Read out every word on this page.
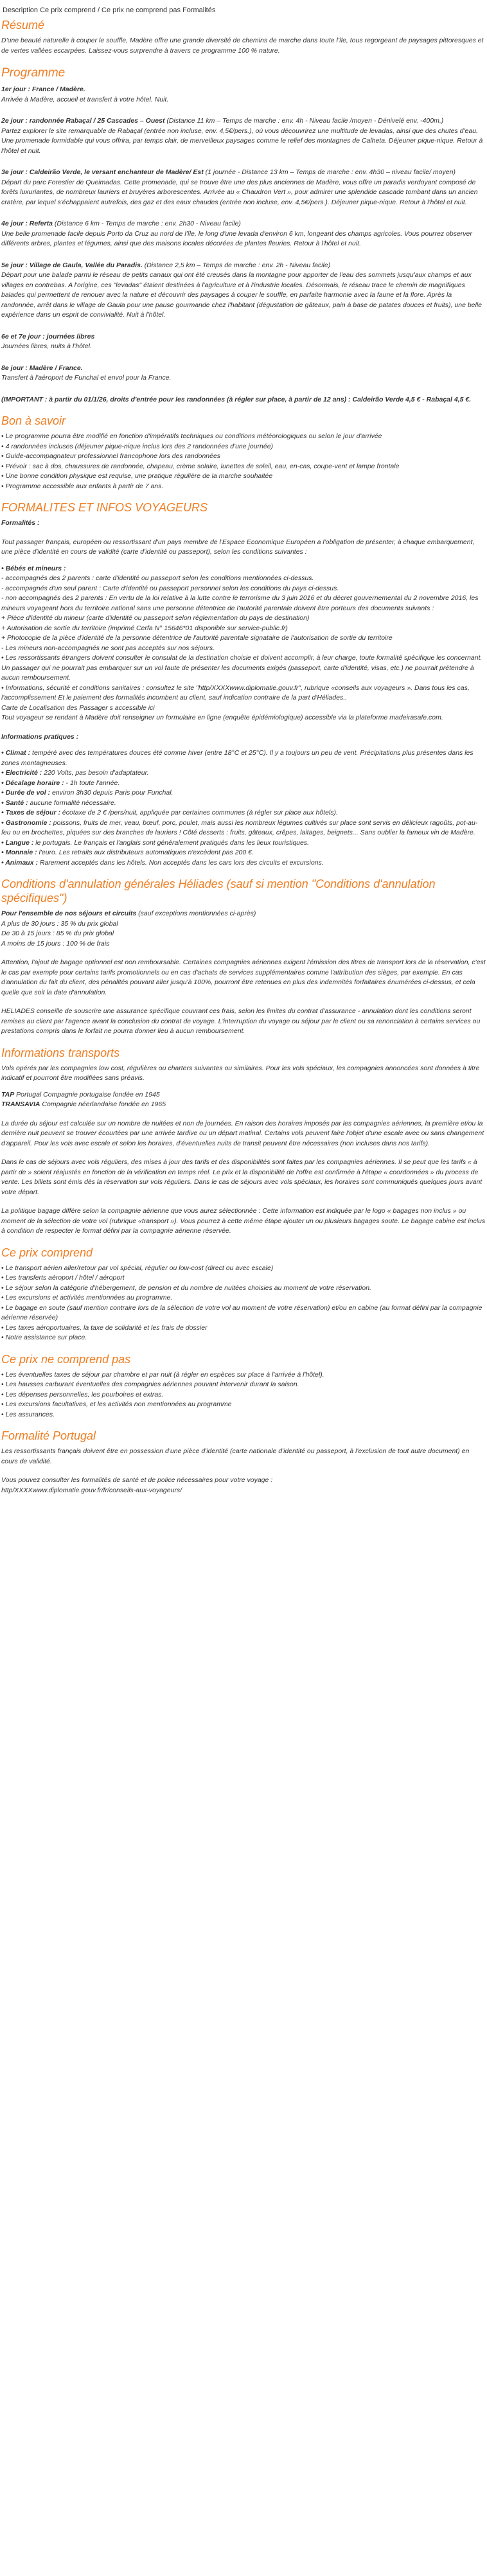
Description Ce prix comprend / Ce prix ne comprend pas Formalités
Résumé

D'une beauté naturelle à couper le souffle, Madère offre une grande diversité de chemins de marche dans toute l'île, tous regorgeant de paysages pittoresques et de vertes vallées escarpées. Laissez-vous surprendre à travers ce programme 100 % nature.

Programme

1er jour : France / Madère.

Arrivée à Madère, accueil et transfert à votre hôtel. Nuit.

2e jour : randonnée Rabaçal / 25 Cascades – Ouest (Distance 11 km – Temps de marche : env. 4h - Niveau facile /moyen - Dénivelé env. -400m.)

Partez explorer le site remarquable de Rabaçal (entrée non incluse, env. 4,5€/pers.), où vous découvrirez une multitude de levadas, ainsi que des chutes d'eau. Une promenade formidable qui vous offrira, par temps clair, de merveilleux paysages comme le relief des montagnes de Calheta. Déjeuner pique-nique. Retour à l'hôtel et nuit.

3e jour : Caldeirão Verde, le versant enchanteur de Madère/ Est (1 journée - Distance 13 km – Temps de marche : env. 4h30 – niveau facile/ moyen)

Départ du parc Forestier de Queimadas. Cette promenade, qui se trouve être une des plus anciennes de Madère, vous offre un paradis verdoyant composé de forêts luxuriantes, de nombreux lauriers et bruyères arborescentes. Arrivée au « Chaudron Vert », pour admirer une splendide cascade tombant dans un ancien cratère, par lequel s'échappaient autrefois, des gaz et des eaux chaudes (entrée non incluse, env. 4,5€/pers.). Déjeuner pique-nique. Retour à l'hôtel et nuit.

4e jour : Referta (Distance 6 km - Temps de marche : env. 2h30 - Niveau facile)

Une belle promenade facile depuis Porto da Cruz au nord de l'île, le long d'une levada d'environ 6 km, longeant des champs agricoles. Vous pourrez observer différents arbres, plantes et légumes, ainsi que des maisons locales décorées de plantes fleuries. Retour à l'hôtel et nuit.

5e jour : Village de Gaula, Vallée du Paradis. (Distance 2,5 km – Temps de marche : env. 2h - Niveau facile)

Départ pour une balade parmi le réseau de petits canaux qui ont été creusés dans la montagne pour apporter de l'eau des sommets jusqu'aux champs et aux villages en contrebas. A l'origine, ces "levadas" étaient destinées à l'agriculture et à l'industrie locales. Désormais, le réseau trace le chemin de magnifiques balades qui permettent de renouer avec la nature et découvrir des paysages à couper le souffle, en parfaite harmonie avec la faune et la flore. Après la randonnée, arrêt dans le village de Gaula pour une pause gourmande chez l'habitant (dégustation de gâteaux, pain à base de patates douces et fruits), une belle expérience dans un esprit de convivialité. Nuit à l'hôtel.

6e et 7e jour : journées libres

Journées libres, nuits à l'hôtel.

8e jour : Madère / France.

Transfert à l'aéroport de Funchal et envol pour la France.

(IMPORTANT : à partir du 01/1/26, droits d'entrée pour les randonnées (à régler sur place, à partir de 12 ans) : Caldeirão Verde 4,5 € - Rabaçal 4,5 €.

Bon à savoir
• Le programme pourra être modifié en fonction d'impératifs techniques ou conditions météorologiques ou selon le jour d'arrivée
• 4 randonnées incluses (déjeuner pique-nique inclus lors des 2 randonnées d'une journée)
• Guide-accompagnateur professionnel francophone lors des randonnées
• Prévoir : sac à dos, chaussures de randonnée, chapeau, crème solaire, lunettes de soleil, eau, en-cas, coupe-vent et lampe frontale
• Une bonne condition physique est requise, une pratique régulière de la marche souhaitée
• Programme accessible aux enfants à partir de 7 ans.
FORMALITES ET INFOS VOYAGEURS

Formalités :

Tout passager français, européen ou ressortissant d'un pays membre de l'Espace Economique Européen a l'obligation de présenter, à chaque embarquement, une pièce d'identité en cours de validité (carte d'identité ou passeport), selon les conditions suivantes :

• Bébés et mineurs :

- accompagnés des 2 parents : carte d'identité ou passeport selon les conditions mentionnées ci-dessus.

- accompagnés d'un seul parent : Carte d'identité ou passeport personnel selon les conditions du pays ci-dessus.

- non accompagnés des 2 parents : En vertu de la loi relative à la lutte contre le terrorisme du 3 juin 2016 et du décret gouvernemental du 2 novembre 2016, les mineurs voyageant hors du territoire national sans une personne détentrice de l'autorité parentale doivent être porteurs des documents suivants :

+ Pièce d'identité du mineur (carte d'identité ou passeport selon réglementation du pays de destination)

+ Autorisation de sortie du territoire (imprimé Cerfa N° 15646*01 disponible sur service-public.fr)

+ Photocopie de la pièce d'identité de la personne détentrice de l'autorité parentale signataire de l'autorisation de sortie du territoire

- Les mineurs non-accompagnés ne sont pas acceptés sur nos séjours.

• Les ressortissants étrangers doivent consulter le consulat de la destination choisie et doivent accomplir, à leur charge, toute formalité spécifique les concernant. Un passager qui ne pourrait pas embarquer sur un vol faute de présenter les documents exigés (passeport, carte d'identité, visas, etc.) ne pourrait prétendre à aucun remboursement.

• Informations, sécurité et conditions sanitaires : consultez le site "http/XXXXwww.diplomatie.gouv.fr", rubrique «conseils aux voyageurs ». Dans tous les cas, l'accomplissement Et le paiement des formalités incombent au client, sauf indication contraire de la part d'Héliades..

Carte de Localisation des Passager s accessible ici

Tout voyageur se rendant à Madère doit renseigner un formulaire en ligne (enquête épidémiologique) accessible via la plateforme madeirasafe.com.

Informations pratiques :

• Climat : tempéré avec des températures douces été comme hiver (entre 18°C et 25°C). Il y a toujours un peu de vent. Précipitations plus présentes dans les zones montagneuses.

• Electricité : 220 Volts, pas besoin d'adaptateur.

• Décalage horaire : - 1h toute l'année.

• Durée de vol : environ 3h30 depuis Paris pour Funchal.

• Santé : aucune formalité nécessaire.

• Taxes de séjour : écotaxe de 2 € /pers/nuit, appliquée par certaines communes (à régler sur place aux hôtels).

• Gastronomie : poissons, fruits de mer, veau, bœuf, porc, poulet, mais aussi les nombreux légumes cultivés sur place sont servis en délicieux ragoûts, pot-au-feu ou en brochettes, piquées sur des branches de lauriers ! Côté desserts : fruits, gâteaux, crêpes, laitages, beignets... Sans oublier la fameux vin de Madère.

• Langue : le portugais. Le français et l'anglais sont généralement pratiqués dans les lieux touristiques.

• Monnaie : l'euro. Les retraits aux distributeurs automatiques n'excèdent pas 200 €.

• Animaux : Rarement acceptés dans les hôtels. Non acceptés dans les cars lors des circuits et excursions.

Conditions d'annulation générales Héliades (sauf si mention "Conditions d'annulation spécifiques")

Pour l'ensemble de nos séjours et circuits (sauf exceptions mentionnées ci-après)

A plus de 30 jours : 35 % du prix global

De 30 à 15 jours : 85 % du prix global

A moins de 15 jours : 100 % de frais

Attention, l'ajout de bagage optionnel est non remboursable. Certaines compagnies aériennes exigent l'émission des titres de transport lors de la réservation, c'est le cas par exemple pour certains tarifs promotionnels ou en cas d'achats de services supplémentaires comme l'attribution des sièges, par exemple. En cas d'annulation du fait du client, des pénalités pouvant aller jusqu'à 100%, pourront être retenues en plus des indemnités forfaitaires énumérées ci-dessus, et cela quelle que soit la date d'annulation.

HELIADES conseille de souscrire une assurance spécifique couvrant ces frais, selon les limites du contrat d'assurance - annulation dont les conditions seront remises au client par l'agence avant la conclusion du contrat de voyage. L'interruption du voyage ou séjour par le client ou sa renonciation à certains services ou prestations compris dans le forfait ne pourra donner lieu à aucun remboursement.

Informations transports

Vols opérés par les compagnies low cost, régulières ou charters suivantes ou similaires. Pour les vols spéciaux, les compagnies annoncées sont données à titre indicatif et pourront être modifiées sans préavis.

TAP Portugal Compagnie portugaise fondée en 1945

TRANSAVIA Compagnie néerlandaise fondée en 1965

La durée du séjour est calculée sur un nombre de nuitées et non de journées. En raison des horaires imposés par les compagnies aériennes, la première et/ou la dernière nuit peuvent se trouver écourtées par une arrivée tardive ou un départ matinal. Certains vols peuvent faire l'objet d'une escale avec ou sans changement d'appareil. Pour les vols avec escale et selon les horaires, d'éventuelles nuits de transit peuvent être nécessaires (non incluses dans nos tarifs).

Dans le cas de séjours avec vols réguliers, des mises à jour des tarifs et des disponibilités sont faites par les compagnies aériennes. Il se peut que les tarifs « à partir de » soient réajustés en fonction de la vérification en temps réel. Le prix et la disponibilité de l'offre est confirmée à l'étape « coordonnées » du process de vente. Les billets sont émis dès la réservation sur vols réguliers. Dans le cas de séjours avec vols spéciaux, les horaires sont communiqués quelques jours avant votre départ.

La politique bagage diffère selon la compagnie aérienne que vous aurez sélectionnée : Cette information est indiquée par le logo « bagages non inclus » ou moment de la sélection de votre vol (rubrique «transport »). Vous pourrez à cette même étape ajouter un ou plusieurs bagages soute. Le bagage cabine est inclus à condition de respecter le format défini par la compagnie aérienne réservée.

Ce prix comprend
• Le transport aérien aller/retour par vol spécial, régulier ou low-cost (direct ou avec escale)
• Les transferts aéroport / hôtel / aéroport
• Le séjour selon la catégorie d'hébergement, de pension et du nombre de nuitées choisies au moment de votre réservation.
• Les excursions et activités mentionnées au programme.
• Le bagage en soute (sauf mention contraire lors de la sélection de votre vol au moment de votre réservation) et/ou en cabine (au format défini par la compagnie aérienne réservée)
• Les taxes aéroportuaires, la taxe de solidarité et les frais de dossier
• Notre assistance sur place.
Ce prix ne comprend pas
• Les éventuelles taxes de séjour par chambre et par nuit (à régler en espèces sur place à l'arrivée à l'hôtel).
• Les hausses carburant éventuelles des compagnies aériennes pouvant intervenir durant la saison.
• Les dépenses personnelles, les pourboires et extras.
• Les excursions facultatives, et les activités non mentionnées au programme
• Les assurances.
Formalité Portugal

Les ressortissants français doivent être en possession d'une pièce d'identité (carte nationale d'identité ou passeport, à l'exclusion de tout autre document) en cours de validité.

Vous pouvez consulter les formalités de santé et de police nécessaires pour votre voyage :

http/XXXXwww.diplomatie.gouv.fr/fr/conseils-aux-voyageurs/
